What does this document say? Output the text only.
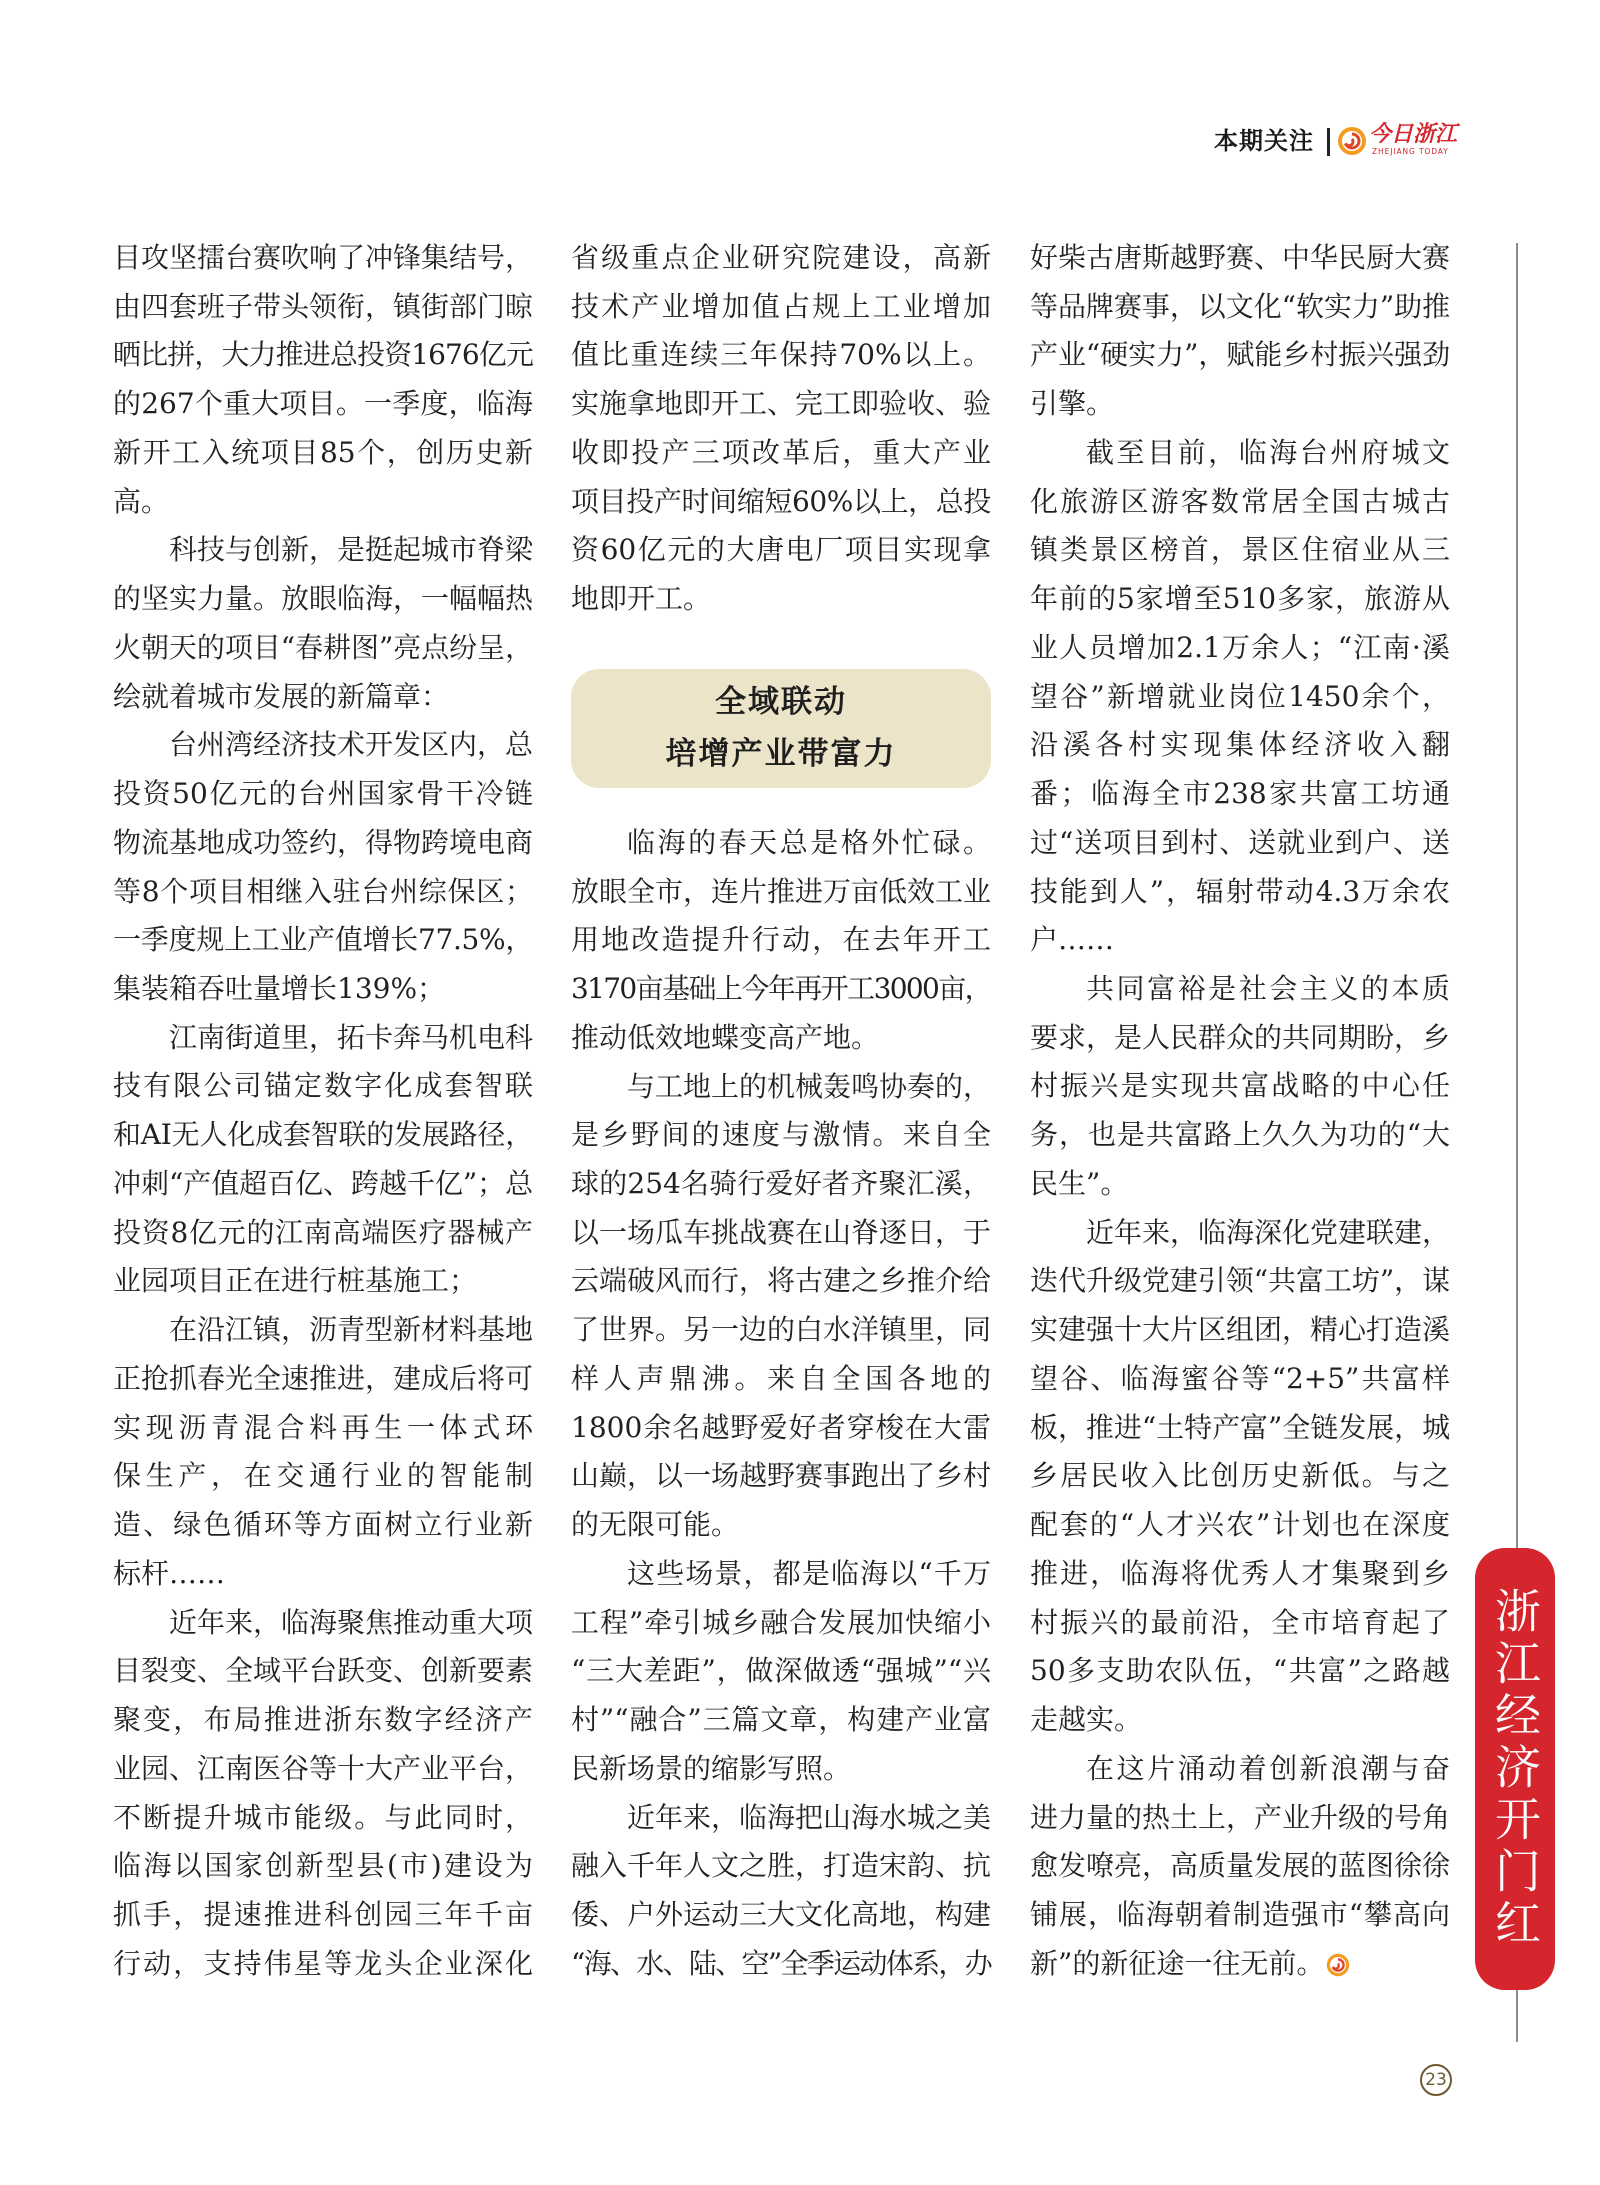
本期关注	今日浙江
ZHEJIANG TODAY
目攻坚擂台赛吹响了冲锋集结号，
由四套班子带头领衔，镇街部门晾
晒比拼，大力推进总投资1676亿元
的267个重大项目。一季度，临海
新开工入统项目85个，创历史新
高。
科技与创新，是挺起城市脊梁
的坚实力量。放眼临海，一幅幅热
火朝天的项目“春耕图”亮点纷呈，
绘就着城市发展的新篇章：
台州湾经济技术开发区内，总
投资50亿元的台州国家骨干冷链
物流基地成功签约，得物跨境电商
等8个项目相继入驻台州综保区；
一季度规上工业产值增长77.5%，
集装箱吞吐量增长139%；
江南街道里，拓卡奔马机电科
技有限公司锚定数字化成套智联
和AI无人化成套智联的发展路径，
冲刺“产值超百亿、跨越千亿”；总
投资8亿元的江南高端医疗器械产
业园项目正在进行桩基施工；
在沿江镇，沥青型新材料基地
正抢抓春光全速推进，建成后将可
实现沥青混合料再生一体式环
保生产，在交通行业的智能制
造、绿色循环等方面树立行业新
标杆……
近年来，临海聚焦推动重大项
目裂变、全域平台跃变、创新要素
聚变，布局推进浙东数字经济产
业园、江南医谷等十大产业平台，
不断提升城市能级。与此同时，
临海以国家创新型县(市)建设为
抓手，提速推进科创园三年千亩
行动，支持伟星等龙头企业深化
省级重点企业研究院建设，高新
技术产业增加值占规上工业增加
值比重连续三年保持70%以上。
实施拿地即开工、完工即验收、验
收即投产三项改革后，重大产业
项目投产时间缩短60%以上，总投
资60亿元的大唐电厂项目实现拿
地即开工。
全域联动
培增产业带富力
临海的春天总是格外忙碌。
放眼全市，连片推进万亩低效工业
用地改造提升行动，在去年开工
3170亩基础上今年再开工3000亩，
推动低效地蝶变高产地。
与工地上的机械轰鸣协奏的，
是乡野间的速度与激情。来自全
球的254名骑行爱好者齐聚汇溪，
以一场瓜车挑战赛在山脊逐日，于
云端破风而行，将古建之乡推介给
了世界。另一边的白水洋镇里，同
样人声鼎沸。来自全国各地的
1800余名越野爱好者穿梭在大雷
山巅，以一场越野赛事跑出了乡村
的无限可能。
这些场景，都是临海以“千万
工程”牵引城乡融合发展加快缩小
“三大差距”，做深做透“强城”“兴
村”“融合”三篇文章，构建产业富
民新场景的缩影写照。
近年来，临海把山海水城之美
融入千年人文之胜，打造宋韵、抗
倭、户外运动三大文化高地，构建
“海、水、陆、空”全季运动体系，办
好柴古唐斯越野赛、中华民厨大赛
等品牌赛事，以文化“软实力”助推
产业“硬实力”，赋能乡村振兴强劲
引擎。
截至目前，临海台州府城文
化旅游区游客数常居全国古城古
镇类景区榜首，景区住宿业从三
年前的5家增至510多家，旅游从
业人员增加2.1万余人；“江南·溪
望谷”新增就业岗位1450余个，
沿溪各村实现集体经济收入翻
番；临海全市238家共富工坊通
过“送项目到村、送就业到户、送
技能到人”，辐射带动4.3万余农
户……
共同富裕是社会主义的本质
要求，是人民群众的共同期盼，乡
村振兴是实现共富战略的中心任
务，也是共富路上久久为功的“大
民生”。
近年来，临海深化党建联建，
迭代升级党建引领“共富工坊”，谋
实建强十大片区组团，精心打造溪
望谷、临海蜜谷等“2+5”共富样
板，推进“土特产富”全链发展，城
乡居民收入比创历史新低。与之
配套的“人才兴农”计划也在深度
推进，临海将优秀人才集聚到乡
村振兴的最前沿，全市培育起了
50多支助农队伍，“共富”之路越
走越实。
在这片涌动着创新浪潮与奋
进力量的热土上，产业升级的号角
愈发嘹亮，高质量发展的蓝图徐徐
铺展，临海朝着制造强市“攀高向
新”的新征途一往无前。
浙江经济开门红
23
